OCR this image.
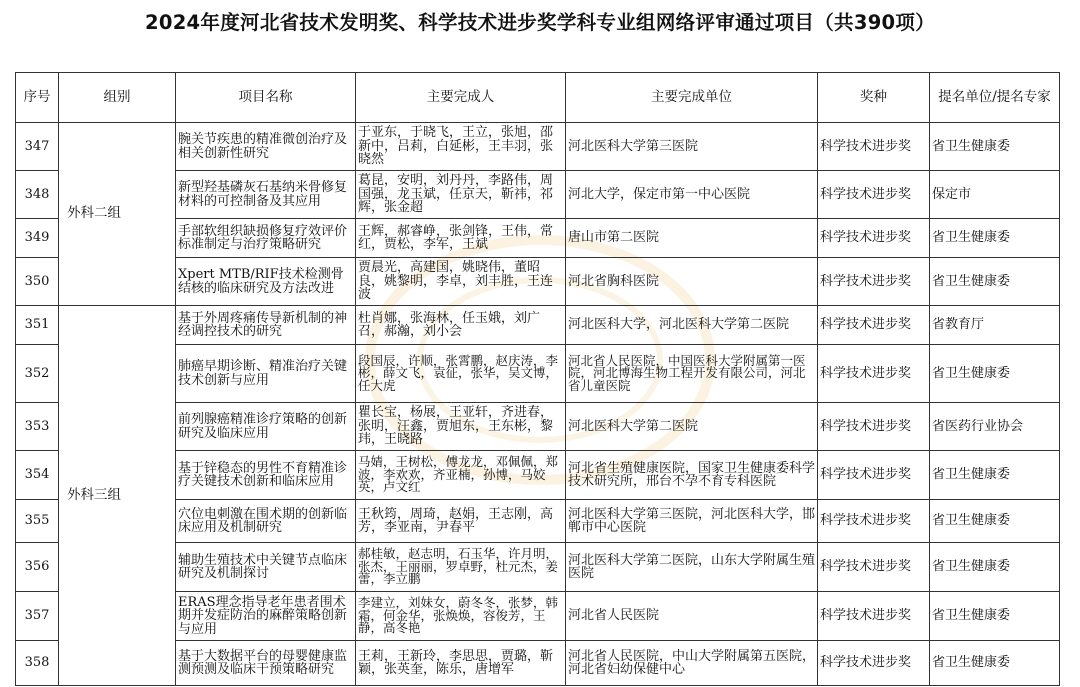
2024年度河北省技术发明奖、科学技术进步奖学科专业组网络评审通过项目（共390项）
序号	组别	项目名称	主要完成人	主要完成单位	奖种	提名单位/提名专家
347	外科二组	腕关节疾患的精准微创治疗及相关创新性研究	于亚东，于晓飞，王立，张旭，邵新中，吕莉，白延彬，王丰羽，张晓然	河北医科大学第三医院	科学技术进步奖	省卫生健康委
348		新型羟基磷灰石基纳米骨修复材料的可控制备及其应用	葛昆，安明，刘丹丹，李路伟，周国强，龙玉斌，任京天，靳祎，祁辉，张金超	河北大学，保定市第一中心医院	科学技术进步奖	保定市
349		手部软组织缺损修复疗效评价标准制定与治疗策略研究	王辉，郝睿峥，张剑锋，王伟，常红，贾松，李军，王斌	唐山市第二医院	科学技术进步奖	省卫生健康委
350		Xpert MTB/RIF技术检测骨结核的临床研究及方法改进	贾晨光，高建国，姚晓伟，董昭良，姚黎明，李卓，刘丰胜，王连波	河北省胸科医院	科学技术进步奖	省卫生健康委
351	外科三组	基于外周疼痛传导新机制的神经调控技术的研究	杜肖娜，张海林，任玉娥，刘广召，郝瀚，刘小会	河北医科大学，河北医科大学第二医院	科学技术进步奖	省教育厅
352		肺癌早期诊断、精准治疗关键技术创新与应用	段国辰，许顺，张霄鹏，赵庆涛，李彬，薛文飞，袁征，张华，吴文博，任大虎	河北省人民医院，中国医科大学附属第一医院，河北博海生物工程开发有限公司，河北省儿童医院	科学技术进步奖	省卫生健康委
353		前列腺癌精准诊疗策略的创新研究及临床应用	瞿长宝，杨展，王亚轩，齐进春，张明，汪鑫，贾旭东，王东彬，黎玮，王晓路	河北医科大学第二医院	科学技术进步奖	省医药行业协会
354		基于锌稳态的男性不育精准诊疗关键技术创新和临床应用	马婧，王树松，傅龙龙，邓佩佩，郑波，李欢欢，齐亚楠，孙博，马姣英，卢文红	河北省生殖健康医院，国家卫生健康委科学技术研究所，邢台不孕不育专科医院	科学技术进步奖	省卫生健康委
355		穴位电刺激在围术期的创新临床应用及机制研究	王秋筠，周琦，赵娟，王志刚，高芳，李亚南，尹春平	河北医科大学第三医院，河北医科大学，邯郸市中心医院	科学技术进步奖	省卫生健康委
356		辅助生殖技术中关键节点临床研究及机制探讨	郝桂敏，赵志明，石玉华，许月明，张杰，王丽丽，罗卓野，杜元杰，姜蕾，李立鹏	河北医科大学第二医院，山东大学附属生殖医院	科学技术进步奖	省卫生健康委
357		ERAS理念指导老年患者围术期并发症防治的麻醉策略创新与应用	李建立，刘妹女，蔚冬冬，张梦，韩霜，何金华，张焕焕，容俊芳，王静，高冬艳	河北省人民医院	科学技术进步奖	省卫生健康委
358		基于大数据平台的母婴健康监测预测及临床干预策略研究	王莉，王新玲，李思思，贾璐，靳颖，张英奎，陈乐，唐增军	河北省人民医院，中山大学附属第五医院，河北省妇幼保健中心	科学技术进步奖	省卫生健康委
